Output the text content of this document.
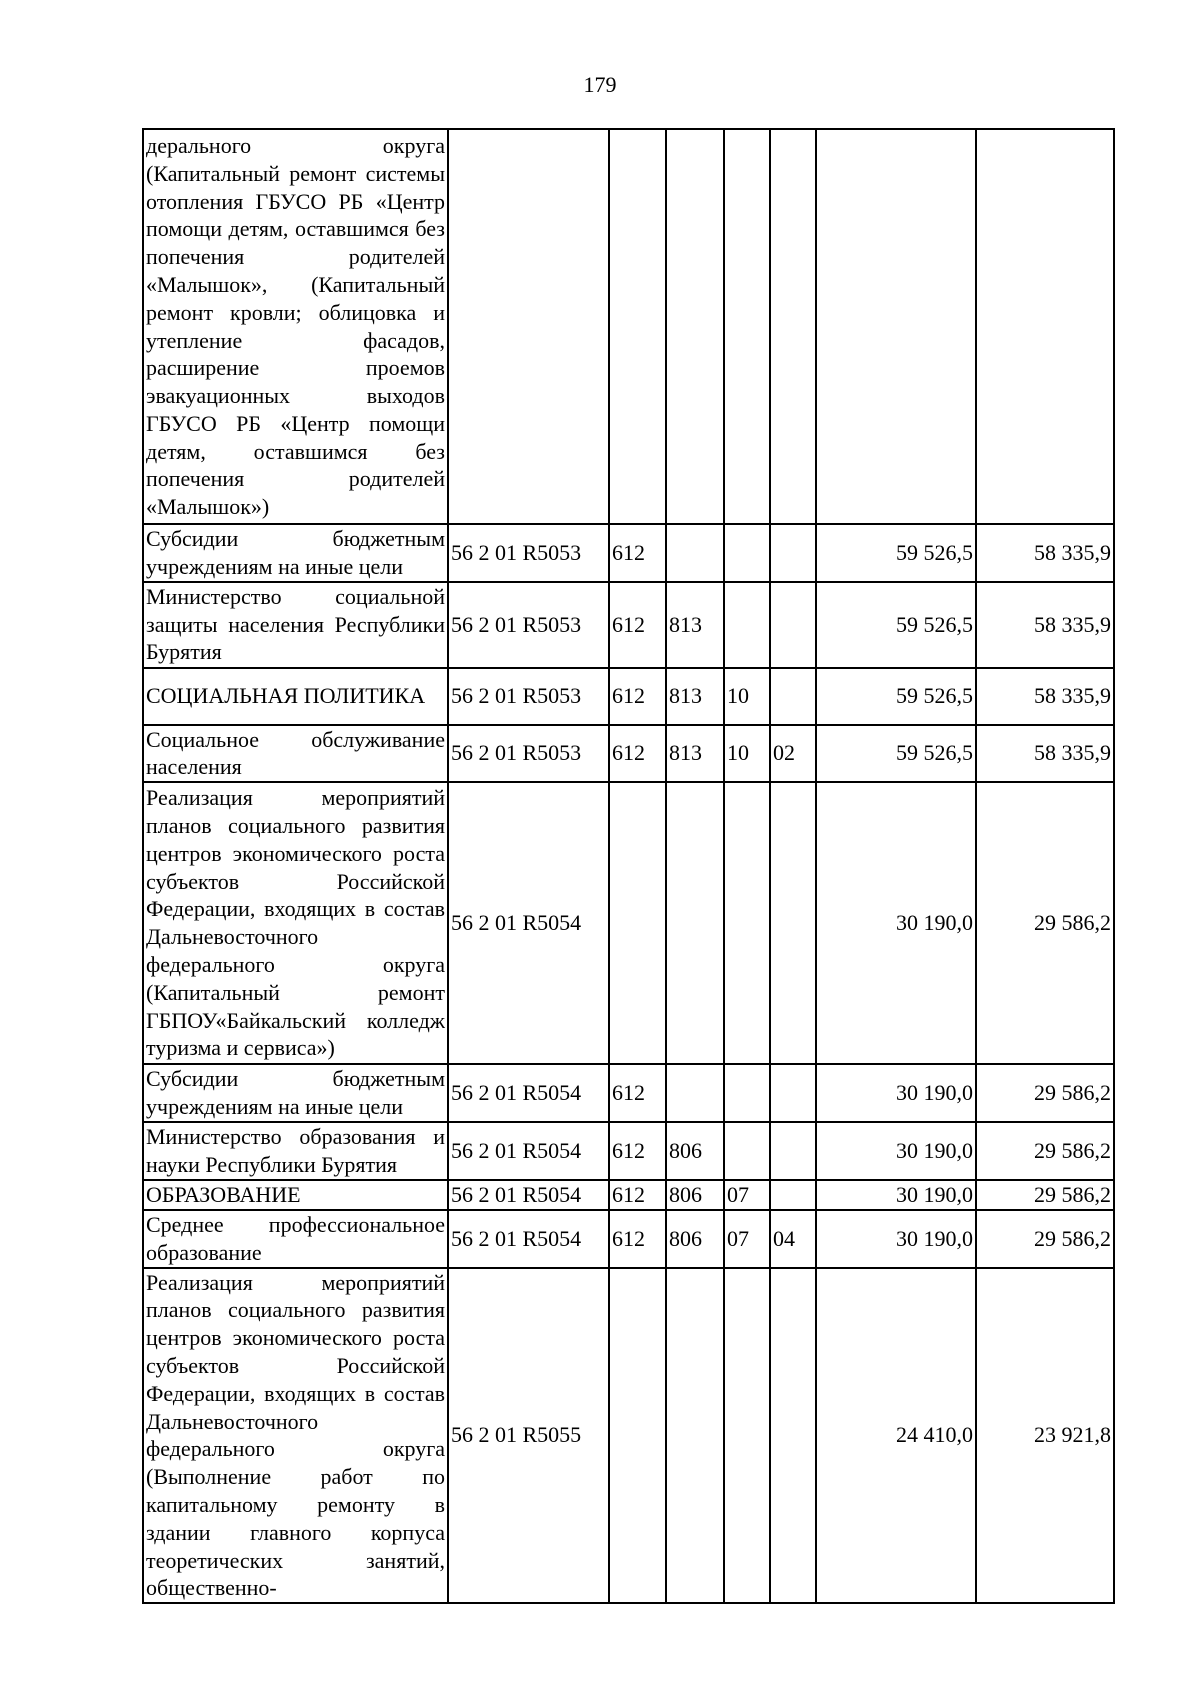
179
дерального округа (Капитальный ремонт системы отопления ГБУСО РБ «Центр помощи детям, оставшимся без попечения родителей «Малышок», (Капитальный ремонт кровли; облицовка и утепление фасадов, расширение проемов эвакуационных выходов ГБУСО РБ «Центр помощи детям, оставшимся без попечения родителей «Малышок»)							
Субсидии бюджетным учреждениям на иные цели	56 2 01 R5053	612				59 526,5	58 335,9
Министерство социальной защиты населения Республики Бурятия	56 2 01 R5053	612	813			59 526,5	58 335,9
СОЦИАЛЬНАЯ ПОЛИТИКА	56 2 01 R5053	612	813	10		59 526,5	58 335,9
Социальное обслуживание населения	56 2 01 R5053	612	813	10	02	59 526,5	58 335,9
Реализация мероприятий планов социального развития центров экономического роста субъектов Российской Федерации, входящих в состав Дальневосточного федерального округа (Капитальный ремонт ГБПОУ«Байкальский колледж туризма и сервиса»)	56 2 01 R5054					30 190,0	29 586,2
Субсидии бюджетным учреждениям на иные цели	56 2 01 R5054	612				30 190,0	29 586,2
Министерство образования и науки Республики Бурятия	56 2 01 R5054	612	806			30 190,0	29 586,2
ОБРАЗОВАНИЕ	56 2 01 R5054	612	806	07		30 190,0	29 586,2
Среднее профессиональное образование	56 2 01 R5054	612	806	07	04	30 190,0	29 586,2
Реализация мероприятий планов социального развития центров экономического роста субъектов Российской Федерации, входящих в состав Дальневосточного федерального округа (Выполнение работ по капитальному ремонту в здании главного корпуса теоретических занятий, общественно-	56 2 01 R5055					24 410,0	23 921,8
